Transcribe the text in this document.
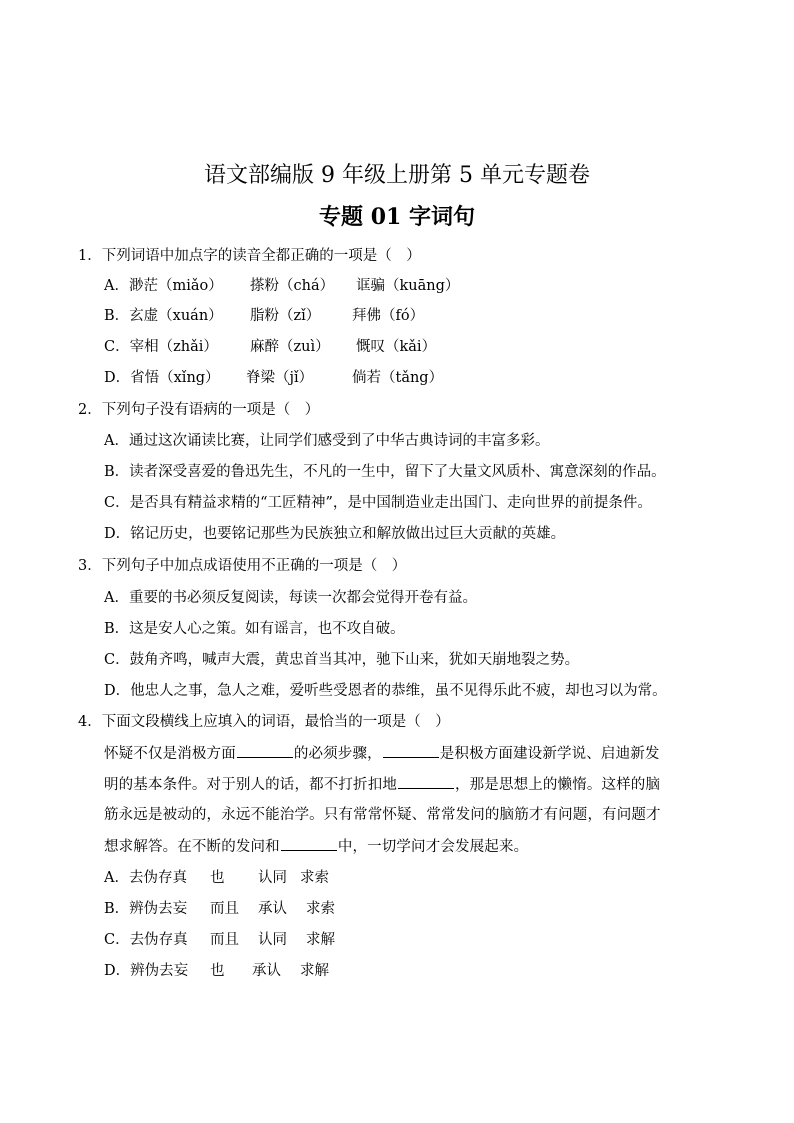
语文部编版 9 年级上册第 5 单元专题卷
专题 01 字词句
1．下列词语中加点字的读音全都正确的一项是（　）
A．渺茫（miǎo） 搽粉（chá） 诓骗（kuāng）
B．玄虚（xuán） 脂粉（zǐ） 拜佛（fó）
C．宰相（zhǎi） 麻醉（zuì） 慨叹（kǎi）
D．省悟（xǐng） 脊梁（jǐ）	倘若（tǎng）
2．下列句子没有语病的一项是（　）
A．通过这次诵读比赛，让同学们感受到了中华古典诗词的丰富多彩。
B．读者深受喜爱的鲁迅先生，不凡的一生中，留下了大量文风质朴、寓意深刻的作品。
C．是否具有精益求精的“工匠精神”，是中国制造业走出国门、走向世界的前提条件。
D．铭记历史，也要铭记那些为民族独立和解放做出过巨大贡献的英雄。
3．下列句子中加点成语使用不正确的一项是（　）
A．重要的书必须反复阅读，每读一次都会觉得开卷有益。
B．这是安人心之策。如有谣言，也不攻自破。
C．鼓角齐鸣，喊声大震，黄忠首当其冲，驰下山来，犹如天崩地裂之势。
D．他忠人之事，急人之难，爱听些受恩者的恭维，虽不见得乐此不疲，却也习以为常。
4．下面文段横线上应填入的词语，最恰当的一项是（　）
怀疑不仅是消极方面	的必须步骤，	是积极方面建设新学说、启迪新发
明的基本条件。对于别人的话，都不打折扣地	，那是思想上的懒惰。这样的脑
筋永远是被动的，永远不能治学。只有常常怀疑、常常发问的脑筋才有问题，有问题才
想求解答。在不断的发问和	中，一切学问才会发展起来。
A．去伪存真 也 认同 求索
B．辨伪去妄 而且 承认 求索
C．去伪存真 而且 认同 求解
D．辨伪去妄 也 承认 求解
